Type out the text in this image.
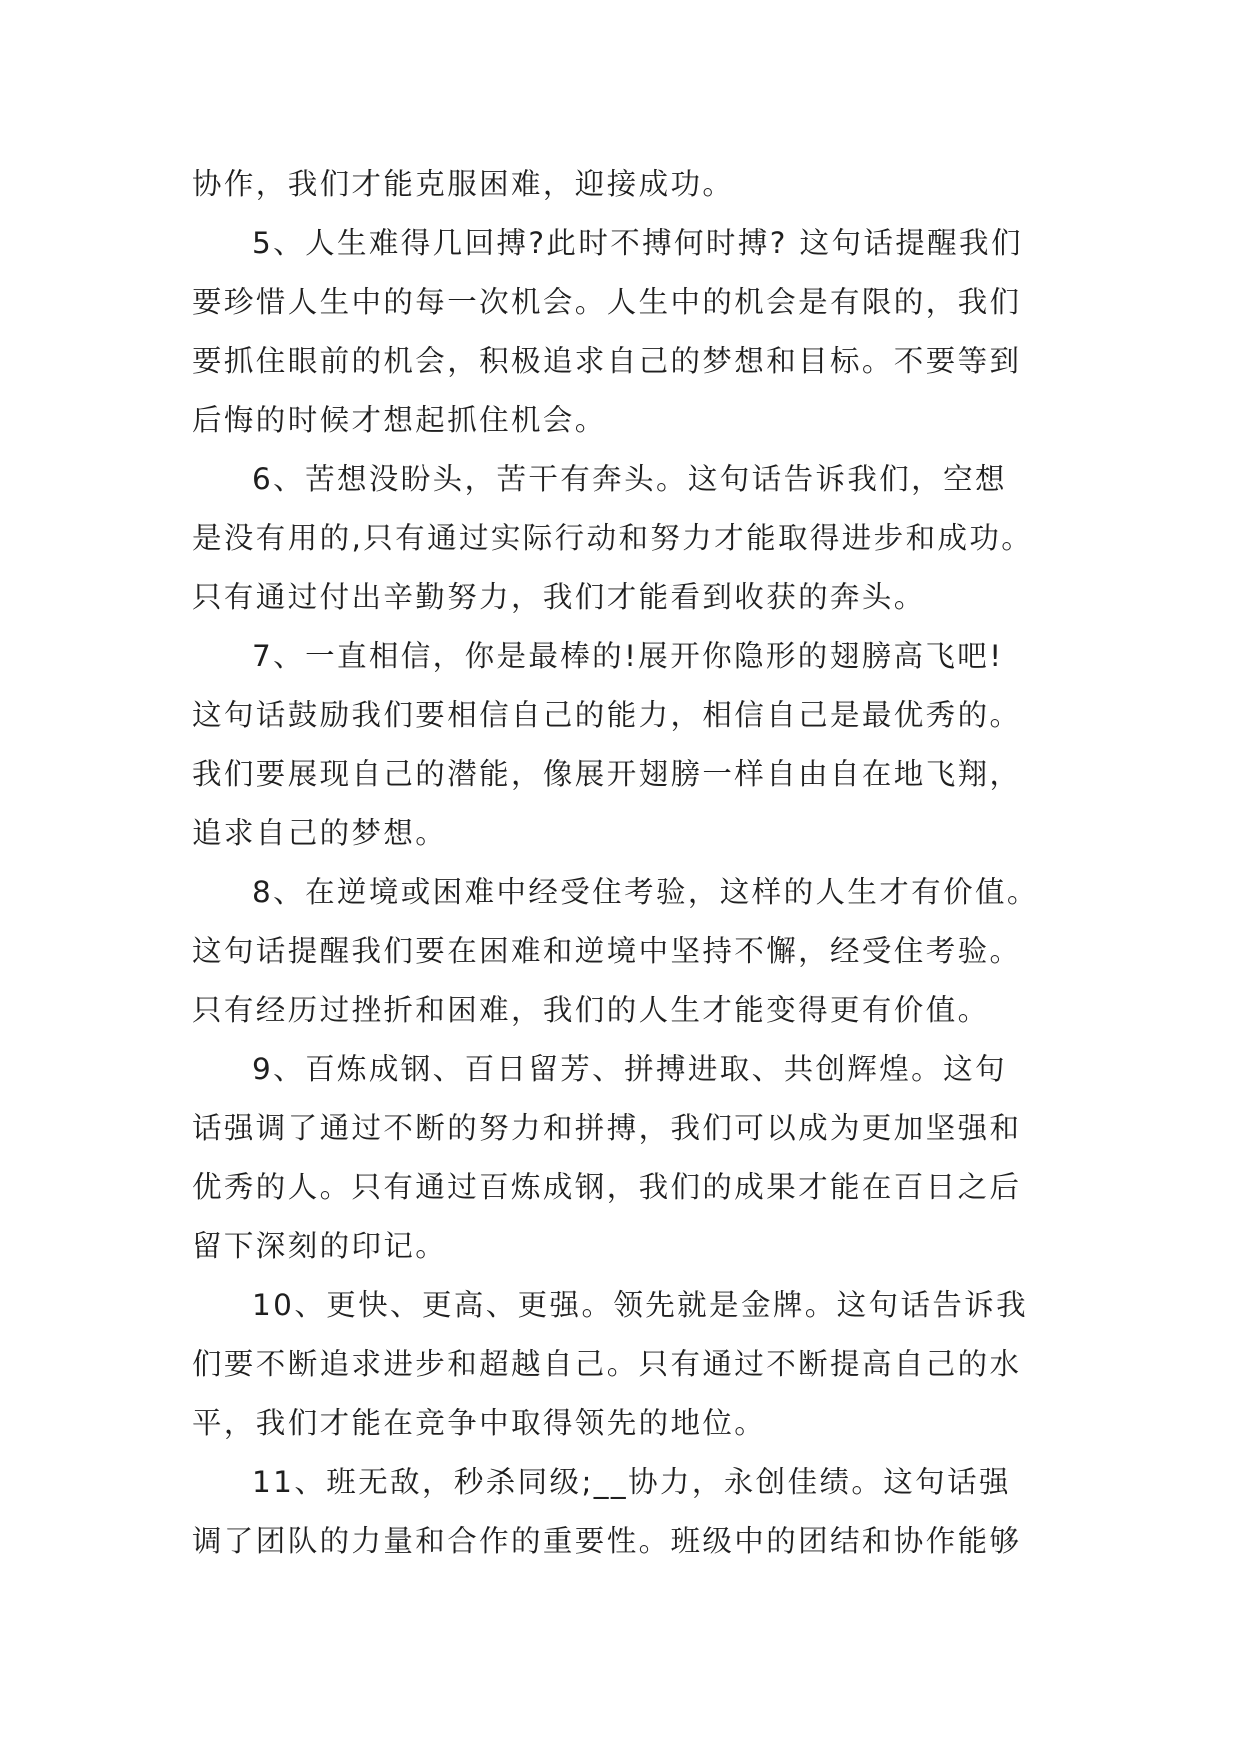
协作，我们才能克服困难，迎接成功。
5、人生难得几回搏?此时不搏何时搏? 这句话提醒我们
要珍惜人生中的每一次机会。人生中的机会是有限的，我们
要抓住眼前的机会，积极追求自己的梦想和目标。不要等到
后悔的时候才想起抓住机会。
6、苦想没盼头，苦干有奔头。这句话告诉我们，空想
是没有用的,只有通过实际行动和努力才能取得进步和成功。
只有通过付出辛勤努力，我们才能看到收获的奔头。
7、一直相信，你是最棒的!展开你隐形的翅膀高飞吧!
这句话鼓励我们要相信自己的能力，相信自己是最优秀的。
我们要展现自己的潜能，像展开翅膀一样自由自在地飞翔，
追求自己的梦想。
8、在逆境或困难中经受住考验，这样的人生才有价值。
这句话提醒我们要在困难和逆境中坚持不懈，经受住考验。
只有经历过挫折和困难，我们的人生才能变得更有价值。
9、百炼成钢、百日留芳、拼搏进取、共创辉煌。这句
话强调了通过不断的努力和拼搏，我们可以成为更加坚强和
优秀的人。只有通过百炼成钢，我们的成果才能在百日之后
留下深刻的印记。
10、更快、更高、更强。领先就是金牌。这句话告诉我
们要不断追求进步和超越自己。只有通过不断提高自己的水
平，我们才能在竞争中取得领先的地位。
11、班无敌，秒杀同级;__协力，永创佳绩。这句话强
调了团队的力量和合作的重要性。班级中的团结和协作能够
